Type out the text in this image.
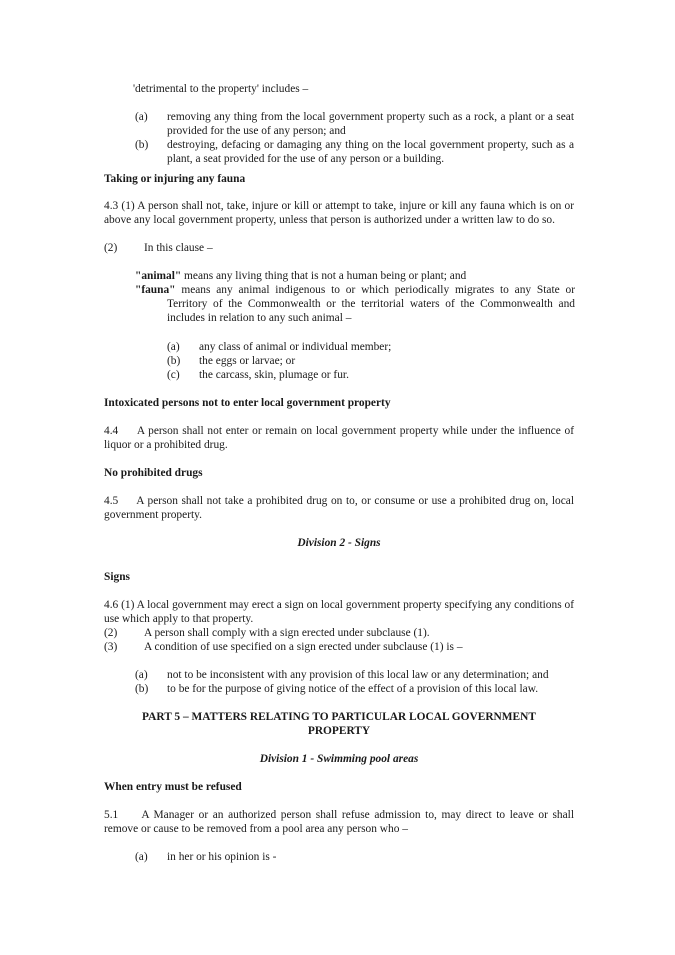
'detrimental to the property' includes –
(a) removing any thing from the local government property such as a rock, a plant or a seat provided for the use of any person; and
(b) destroying, defacing or damaging any thing on the local government property, such as a plant, a seat provided for the use of any person or a building.
Taking or injuring any fauna
4.3 (1) A person shall not, take, injure or kill or attempt to take, injure or kill any fauna which is on or above any local government property, unless that person is authorized under a written law to do so.
(2) In this clause –
"animal" means any living thing that is not a human being or plant; and
"fauna" means any animal indigenous to or which periodically migrates to any State or Territory of the Commonwealth or the territorial waters of the Commonwealth and includes in relation to any such animal –
(a) any class of animal or individual member;
(b) the eggs or larvae; or
(c) the carcass, skin, plumage or fur.
Intoxicated persons not to enter local government property
4.4     A person shall not enter or remain on local government property while under the influence of liquor or a prohibited drug.
No prohibited drugs
4.5     A person shall not take a prohibited drug on to, or consume or use a prohibited drug on, local government property.
Division 2 - Signs
Signs
4.6 (1) A local government may erect a sign on local government property specifying any conditions of use which apply to that property.
(2) A person shall comply with a sign erected under subclause (1).
(3) A condition of use specified on a sign erected under subclause (1) is –
(a) not to be inconsistent with any provision of this local law or any determination; and
(b) to be for the purpose of giving notice of the effect of a provision of this local law.
PART 5 – MATTERS RELATING TO PARTICULAR LOCAL GOVERNMENT
PROPERTY
Division 1 - Swimming pool areas
When entry must be refused
5.1     A Manager or an authorized person shall refuse admission to, may direct to leave or shall remove or cause to be removed from a pool area any person who –
(a) in her or his opinion is -
